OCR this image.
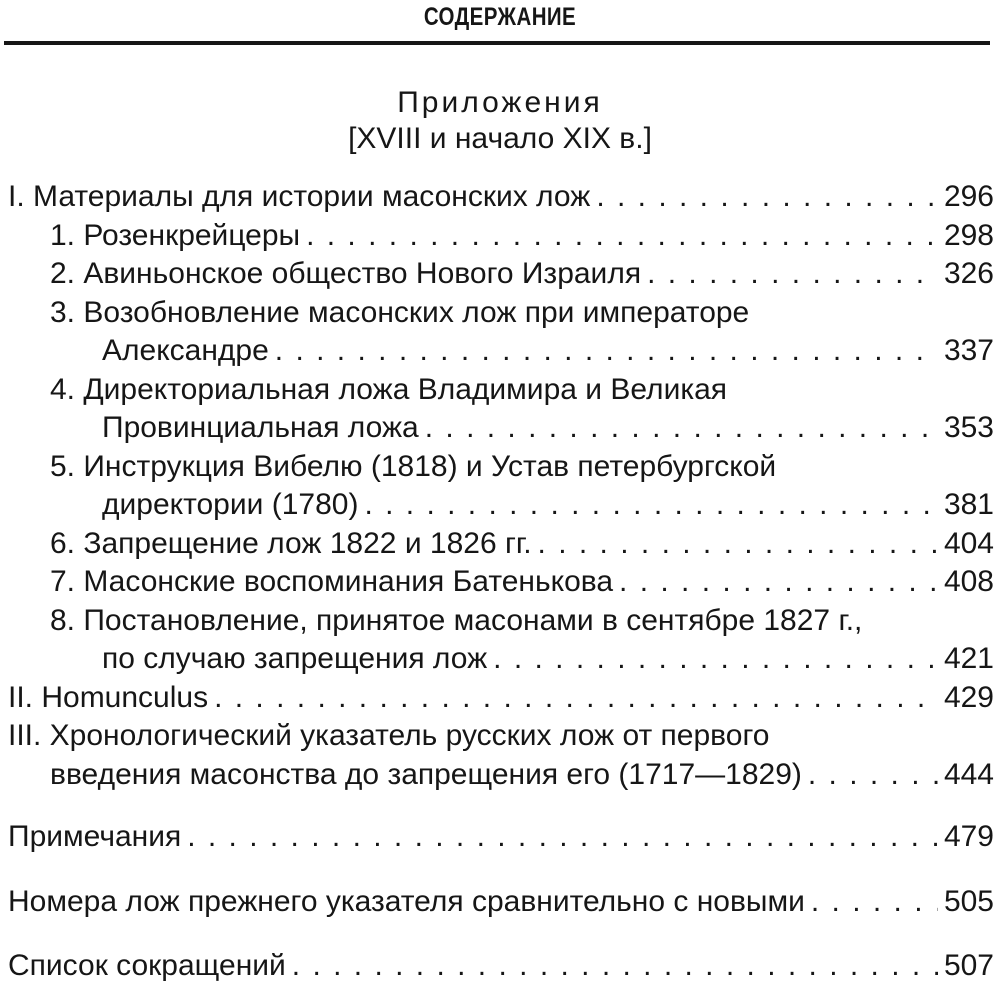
СОДЕРЖАНИЕ
Приложения
[XVIII и начало XIX в.]
I. Материалы для истории масонских лож . . .	296
1. Розенкрейцеры . . .	298
2. Авиньонское общество Нового Израиля . . .	326
3. Возобновление масонских лож при императоре
Александре . . .	337
4. Директориальная ложа Владимира и Великая
Провинциальная ложа . . .	353
5. Инструкция Вибелю (1818) и Устав петербургской
директории (1780) . . .	381
6. Запрещение лож 1822 и 1826 гг. . . .	404
7. Масонские воспоминания Батенькова . . .	408
8. Постановление, принятое масонами в сентябре 1827 г.,
по случаю запрещения лож . . .	421
II. Homunculus . . .	429
III. Хронологический указатель русских лож от первого
введения масонства до запрещения его (1717—1829) . . .	444
Примечания . . .	479
Номера лож прежнего указателя сравнительно с новыми . . .	505
Список сокращений . . .	507
